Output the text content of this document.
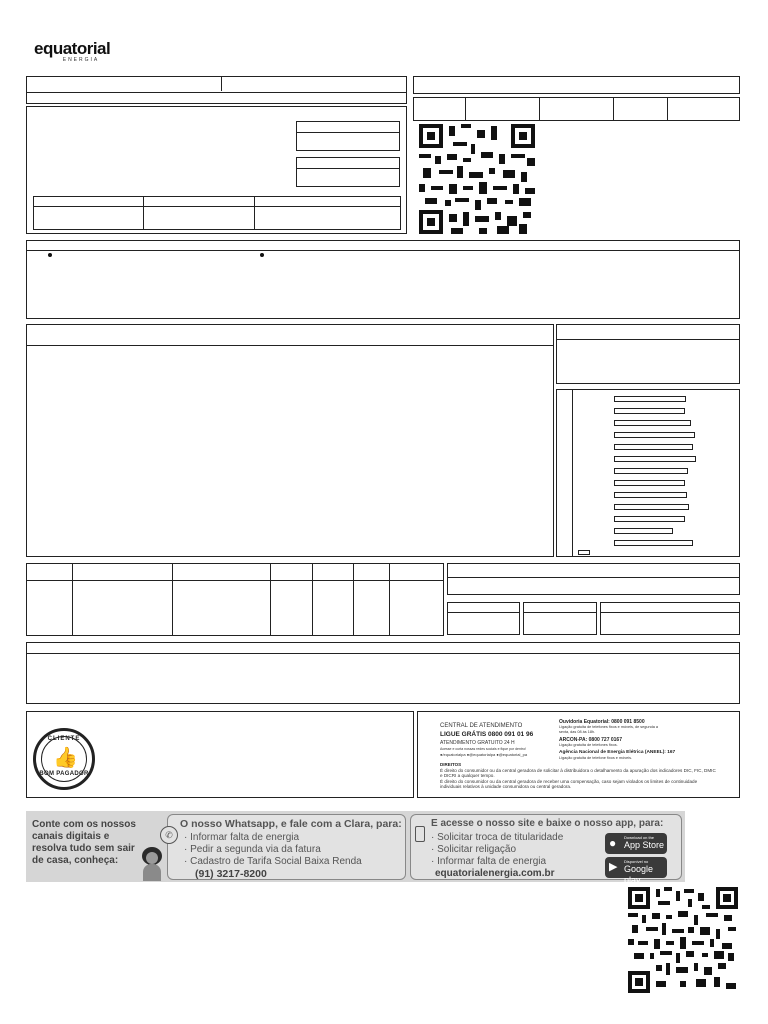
equatorial
ENERGIA
CLIENTE
👍
BOM PAGADOR
CENTRAL DE ATENDIMENTO
LIGUE GRÁTIS 0800 091 01 96
ATENDIMENTO GRATUITO 24 H
Acesse e curta nossas redes sociais e fique por dentro!
●/equatorialpa ●@equatorialpa ●@equatorial_pa
Ouvidoria Equatorial: 0800 091 8500
Ligação gratuita de telefones fixos e móveis, de segunda a sexta, das 08 às 18h.
ARCON-PA: 0800 727 0167
Ligação gratuita de telefones fixos.
Agência Nacional de Energia Elétrica (ANEEL): 167
Ligação gratuita de telefone fixos e móveis.
DIREITOS
É direito do consumidor ou da central geradora de solicitar à distribuidora o detalhamento da apuração dos indicadores DIC, FIC, DMIC e DICRI a qualquer tempo.
É direito do consumidor ou da central geradora de receber uma compensação, caso sejam violados os limites de continuidade individuais relativos à unidade consumidora ou central geradora.
Conte com os nossos canais digitais e resolva tudo sem sair de casa, conheça:
✆
O nosso Whatsapp, e fale com a Clara, para:
· Informar falta de energia
· Pedir a segunda via da fatura
· Cadastro de Tarifa Social Baixa Renda
(91) 3217-8200
E acesse o nosso site e baixe o nosso app, para:
· Solicitar troca de titularidade
· Solicitar religação
· Informar falta de energia
equatorialenergia.com.br
● Download on the
App Store
▶ Disponível no
Google play
